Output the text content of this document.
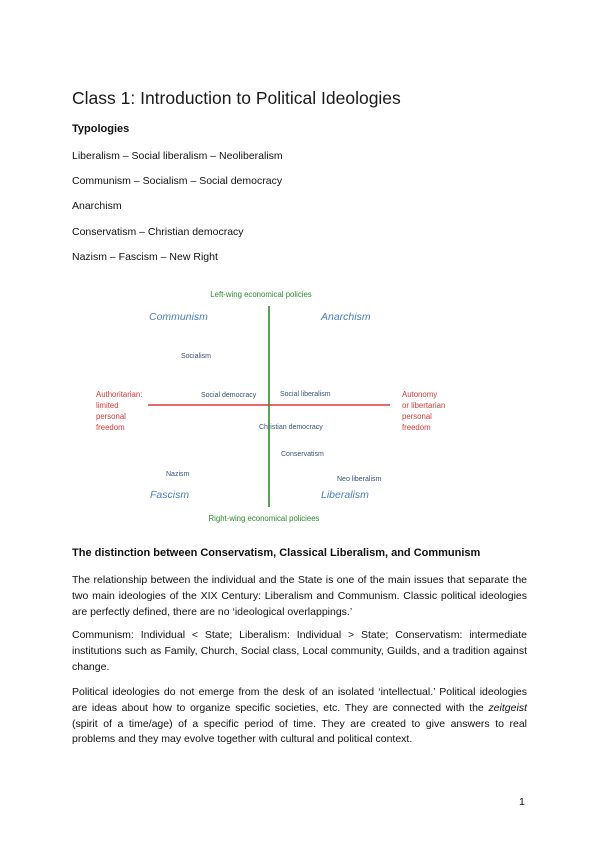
Class 1: Introduction to Political Ideologies
Typologies
Liberalism – Social liberalism – Neoliberalism
Communism – Socialism – Social democracy
Anarchism
Conservatism – Christian democracy
Nazism – Fascism – New Right
Left-wing economical policies
Right-wing economical policiees
Authoritarian:
limited
personal
freedom
Autonomy
or libertarian
personal
freedom
Communism	Anarchism
Fascism	Liberalism
Socialism
Social democracy	Social liberalism
Christian democracy
Conservatism
Nazism
Neo liberalism
The distinction between Conservatism, Classical Liberalism, and Communism
The relationship between the individual and the State is one of the main issues that separate the two main ideologies of the XIX Century: Liberalism and Communism. Classic political ideologies are perfectly defined, there are no ‘ideological overlappings.’
Communism: Individual < State; Liberalism: Individual > State; Conservatism: intermediate institutions such as Family, Church, Social class, Local community, Guilds, and a tradition against change.
Political ideologies do not emerge from the desk of an isolated ‘intellectual.’ Political ideologies are ideas about how to organize specific societies, etc. They are connected with the zeitgeist (spirit of a time/age) of a specific period of time. They are created to give answers to real problems and they may evolve together with cultural and political context.
1
